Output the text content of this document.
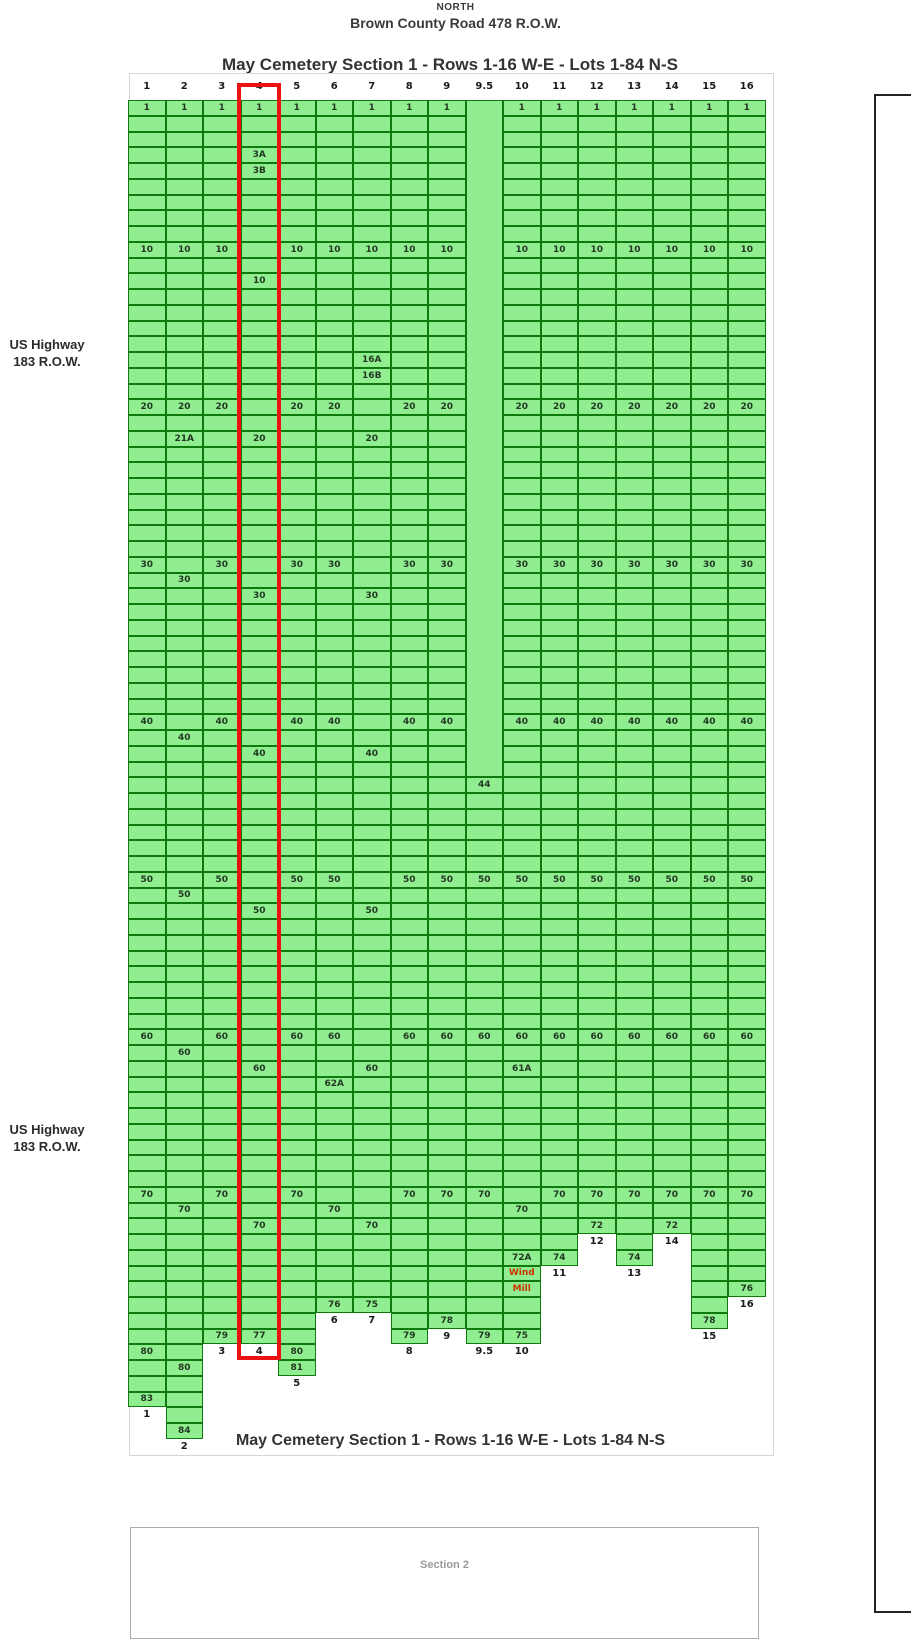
NORTH
Brown County Road 478 R.O.W.
May Cemetery Section 1 - Rows 1-16 W-E - Lots 1-84 N-S
US Highway
183 R.O.W.
US Highway
183 R.O.W.
1
1
10
20
30
40
50
60
70
80
83
1
2
1
10
20
21A
30
40
50
60
70
80
84
2
3
1
10
20
30
40
50
60
70
79
3
4
1
3A
3B
10
20
30
40
50
60
70
77
4
5
1
10
20
30
40
50
60
70
80
81
5
6
1
10
20
30
40
50
60
62A
70
76
6
7
1
10
16A
16B
20
30
40
50
60
70
75
7
8
1
10
20
30
40
50
60
70
79
8
9
1
10
20
30
40
50
60
70
78
9
9.5
44
50
60
70
79
9.5
10
1
10
20
30
40
50
60
61A
70
72A
Wind
Mill
75
10
11
1
10
20
30
40
50
60
70
74
11
12
1
10
20
30
40
50
60
70
72
12
13
1
10
20
30
40
50
60
70
74
13
14
1
10
20
30
40
50
60
70
72
14
15
1
10
20
30
40
50
60
70
78
15
16
1
10
20
30
40
50
60
70
76
16
May Cemetery Section 1 - Rows 1-16 W-E - Lots 1-84 N-S
Section 2
